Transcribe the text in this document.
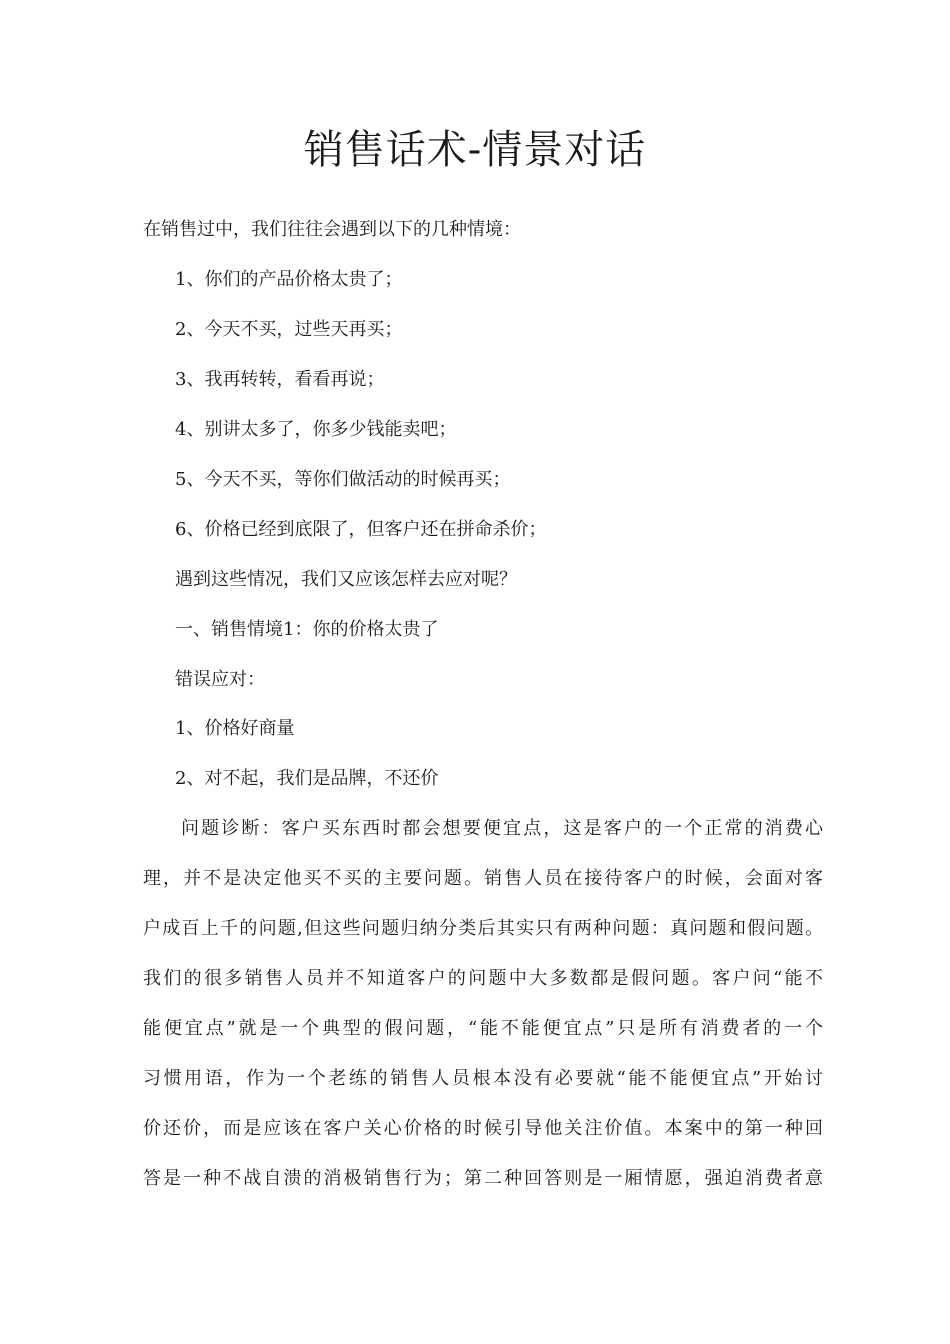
销售话术-情景对话
在销售过中，我们往往会遇到以下的几种情境：
1、你们的产品价格太贵了；
2、今天不买，过些天再买；
3、我再转转，看看再说；
4、别讲太多了，你多少钱能卖吧；
5、今天不买，等你们做活动的时候再买；
6、价格已经到底限了，但客户还在拼命杀价；
遇到这些情况，我们又应该怎样去应对呢？
一、销售情境1：你的价格太贵了
错误应对：
1、价格好商量
2、对不起，我们是品牌，不还价
问题诊断：客户买东西时都会想要便宜点，这是客户的一个正常的消费心
理，并不是决定他买不买的主要问题。销售人员在接待客户的时候，会面对客
户成百上千的问题,但这些问题归纳分类后其实只有两种问题：真问题和假问题。
我们的很多销售人员并不知道客户的问题中大多数都是假问题。客户问“能不
能便宜点”就是一个典型的假问题，“能不能便宜点”只是所有消费者的一个
习惯用语，作为一个老练的销售人员根本没有必要就“能不能便宜点”开始讨
价还价，而是应该在客户关心价格的时候引导他关注价值。本案中的第一种回
答是一种不战自溃的消极销售行为；第二种回答则是一厢情愿，强迫消费者意
